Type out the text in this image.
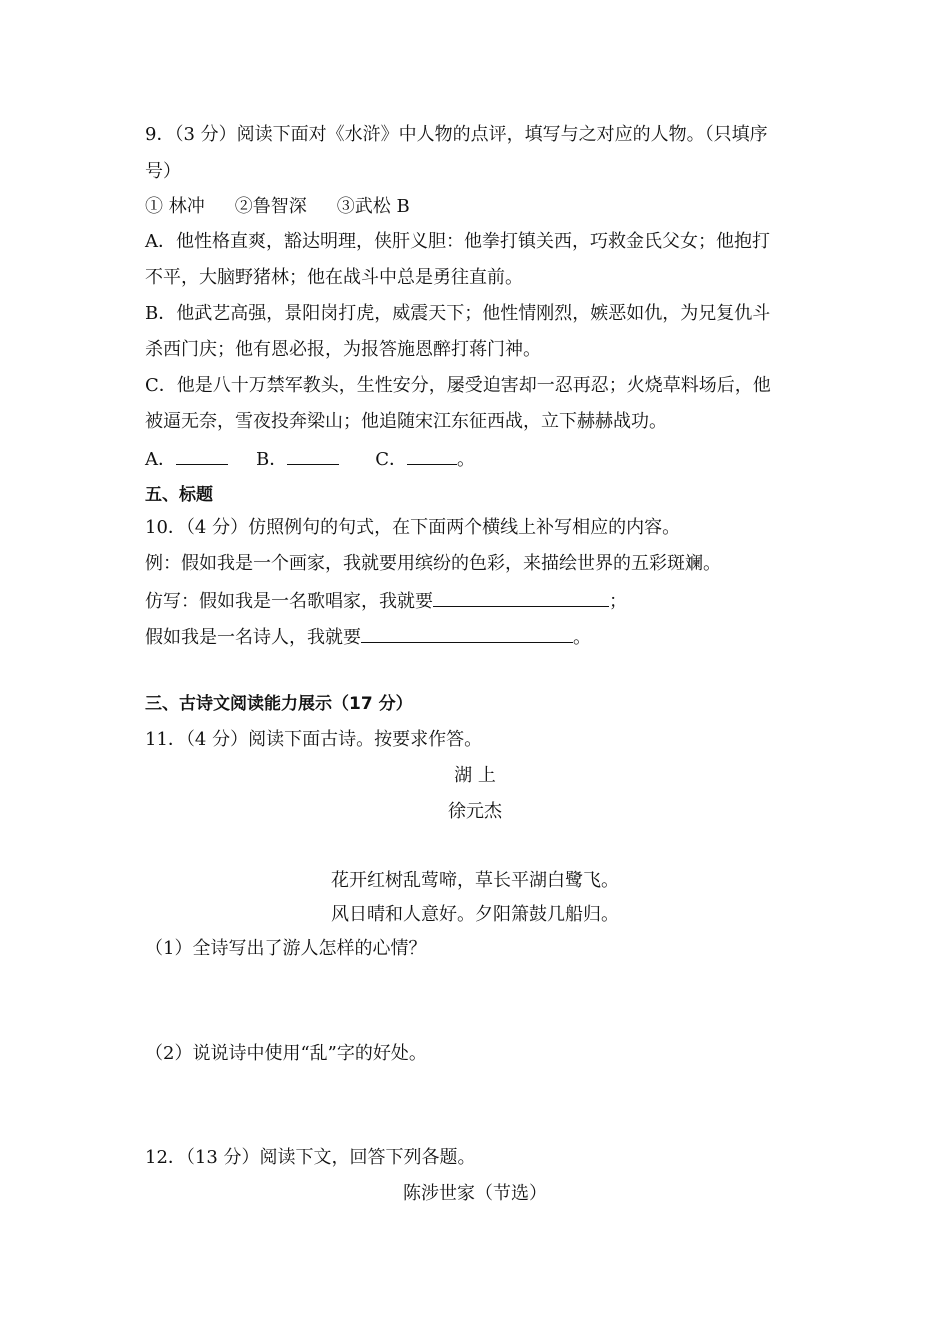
9．（3 分）阅读下面对《水浒》中人物的点评，填写与之对应的人物。（只填序
号）
① 林冲 ②鲁智深 ③武松 B
A．他性格直爽，豁达明理，侠肝义胆：他拳打镇关西，巧救金氏父女；他抱打
不平，大脑野猪林；他在战斗中总是勇往直前。
B．他武艺高强，景阳岗打虎，威震天下；他性情刚烈，嫉恶如仇，为兄复仇斗
杀西门庆；他有恩必报，为报答施恩醉打蒋门神。
C．他是八十万禁军教头，生性安分，屡受迫害却一忍再忍；火烧草料场后，他
被逼无奈，雪夜投奔梁山；他追随宋江东征西战，立下赫赫战功。
A．	B．	C．	。
五、标题
10．（4 分）仿照例句的句式，在下面两个横线上补写相应的内容。
例：假如我是一个画家，我就要用缤纷的色彩，来描绘世界的五彩斑斓。
仿写：假如我是一名歌唱家，我就要	；
假如我是一名诗人，我就要	。
三、古诗文阅读能力展示（17 分）
11．（4 分）阅读下面古诗。按要求作答。
湖 上
徐元杰
花开红树乱莺啼，草长平湖白鹭飞。
风日晴和人意好。夕阳箫鼓几船归。
（1）全诗写出了游人怎样的心情？
（2）说说诗中使用“乱”字的好处。
12．（13 分）阅读下文，回答下列各题。
陈涉世家（节选）
